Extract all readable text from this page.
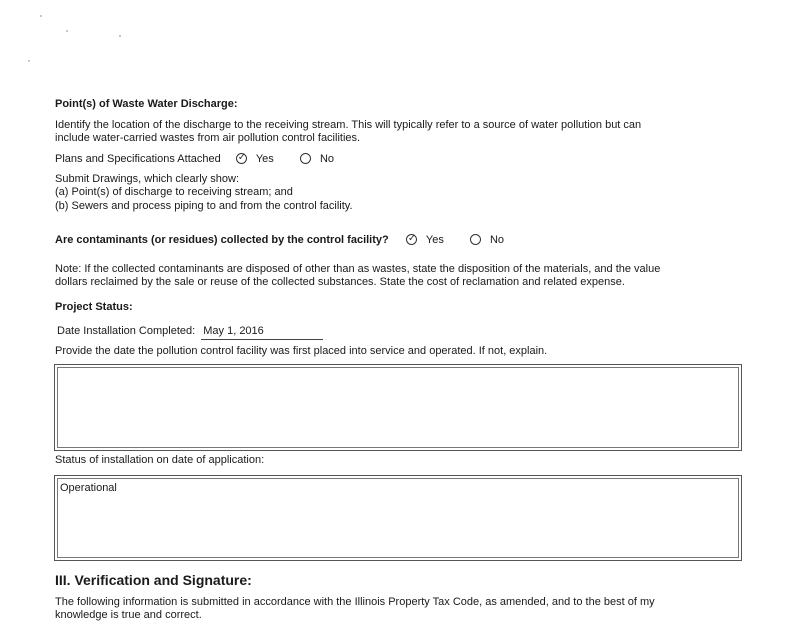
Point(s) of Waste Water Discharge:
Identify the location of the discharge to the receiving stream. This will typically refer to a source of water pollution but can
include water-carried wastes from air pollution control facilities.
Plans and Specifications Attached ✓	Yes	No
Submit Drawings, which clearly show:
(a) Point(s) of discharge to receiving stream; and
(b) Sewers and process piping to and from the control facility.
Are contaminants (or residues) collected by the control facility? ✓	Yes	No
Note: If the collected contaminants are disposed of other than as wastes, state the disposition of the materials, and the value
dollars reclaimed by the sale or reuse of the collected substances. State the cost of reclamation and related expense.
Project Status:
Date Installation Completed: May 1, 2016
Provide the date the pollution control facility was first placed into service and operated. If not, explain.
Status of installation on date of application:
Operational
III. Verification and Signature:
The following information is submitted in accordance with the Illinois Property Tax Code, as amended, and to the best of my
knowledge is true and correct.
